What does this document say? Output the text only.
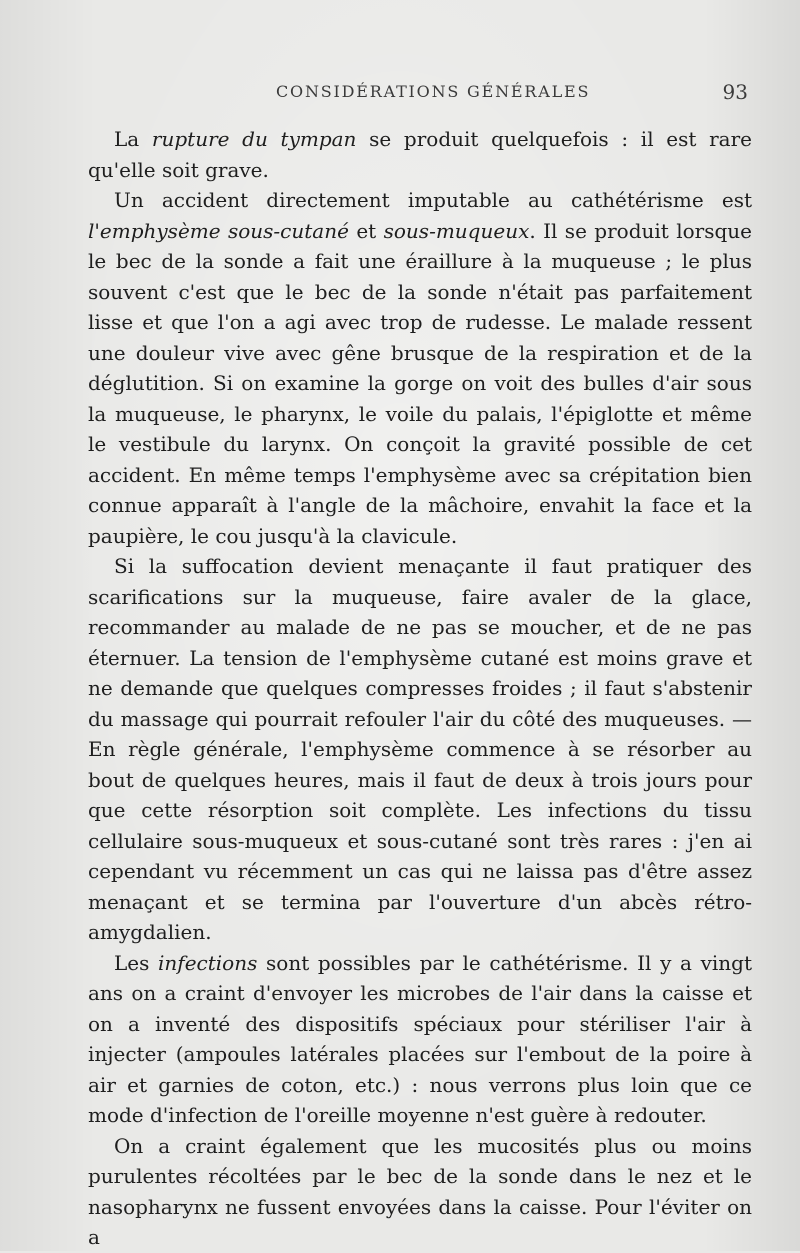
CONSIDÉRATIONS GÉNÉRALES	93

La rupture du tympan se produit quelquefois : il est rare qu'elle soit grave.

Un accident directement imputable au cathétérisme est l'emphysème sous-cutané et sous-muqueux. Il se produit lorsque le bec de la sonde a fait une éraillure à la muqueuse ; le plus souvent c'est que le bec de la sonde n'était pas parfaitement lisse et que l'on a agi avec trop de rudesse. Le malade ressent une douleur vive avec gêne brusque de la respiration et de la déglutition. Si on examine la gorge on voit des bulles d'air sous la muqueuse, le pharynx, le voile du palais, l'épiglotte et même le vestibule du larynx. On conçoit la gravité possible de cet accident. En même temps l'emphysème avec sa crépitation bien connue apparaît à l'angle de la mâchoire, envahit la face et la paupière, le cou jusqu'à la clavicule.

Si la suffocation devient menaçante il faut pratiquer des scarifications sur la muqueuse, faire avaler de la glace, recommander au malade de ne pas se moucher, et de ne pas éternuer. La tension de l'emphysème cutané est moins grave et ne demande que quelques compresses froides ; il faut s'abstenir du massage qui pourrait refouler l'air du côté des muqueuses. — En règle générale, l'emphysème commence à se résorber au bout de quelques heures, mais il faut de deux à trois jours pour que cette résorption soit complète. Les infections du tissu cellulaire sous-muqueux et sous-cutané sont très rares : j'en ai cependant vu récemment un cas qui ne laissa pas d'être assez menaçant et se termina par l'ouverture d'un abcès rétro-amygdalien.

Les infections sont possibles par le cathétérisme. Il y a vingt ans on a craint d'envoyer les microbes de l'air dans la caisse et on a inventé des dispositifs spéciaux pour stériliser l'air à injecter (ampoules latérales placées sur l'embout de la poire à air et garnies de coton, etc.) : nous verrons plus loin que ce mode d'infection de l'oreille moyenne n'est guère à redouter.

On a craint également que les mucosités plus ou moins purulentes récoltées par le bec de la sonde dans le nez et le nasopharynx ne fussent envoyées dans la caisse. Pour l'éviter on a
